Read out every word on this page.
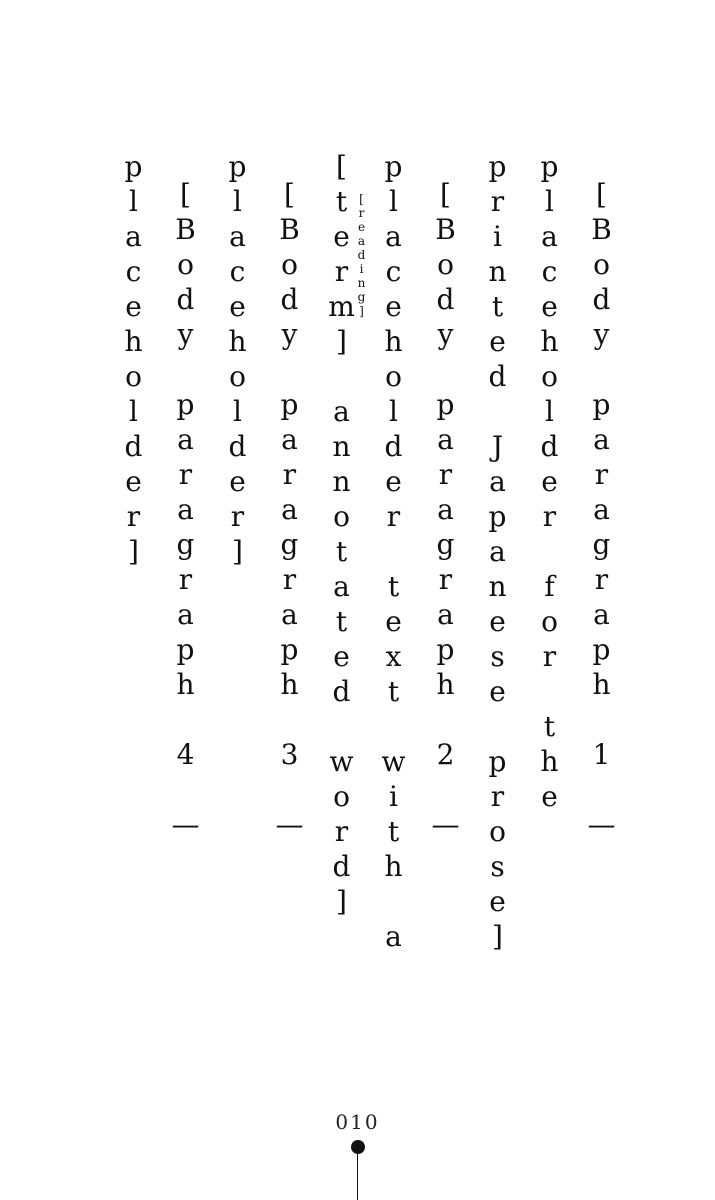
[Body paragraph 1 — placeholder for the printed Japanese prose]

[Body paragraph 2 — placeholder text with a [term][reading] annotated word]

[Body paragraph 3 — placeholder]

[Body paragraph 4 — placeholder]

010
